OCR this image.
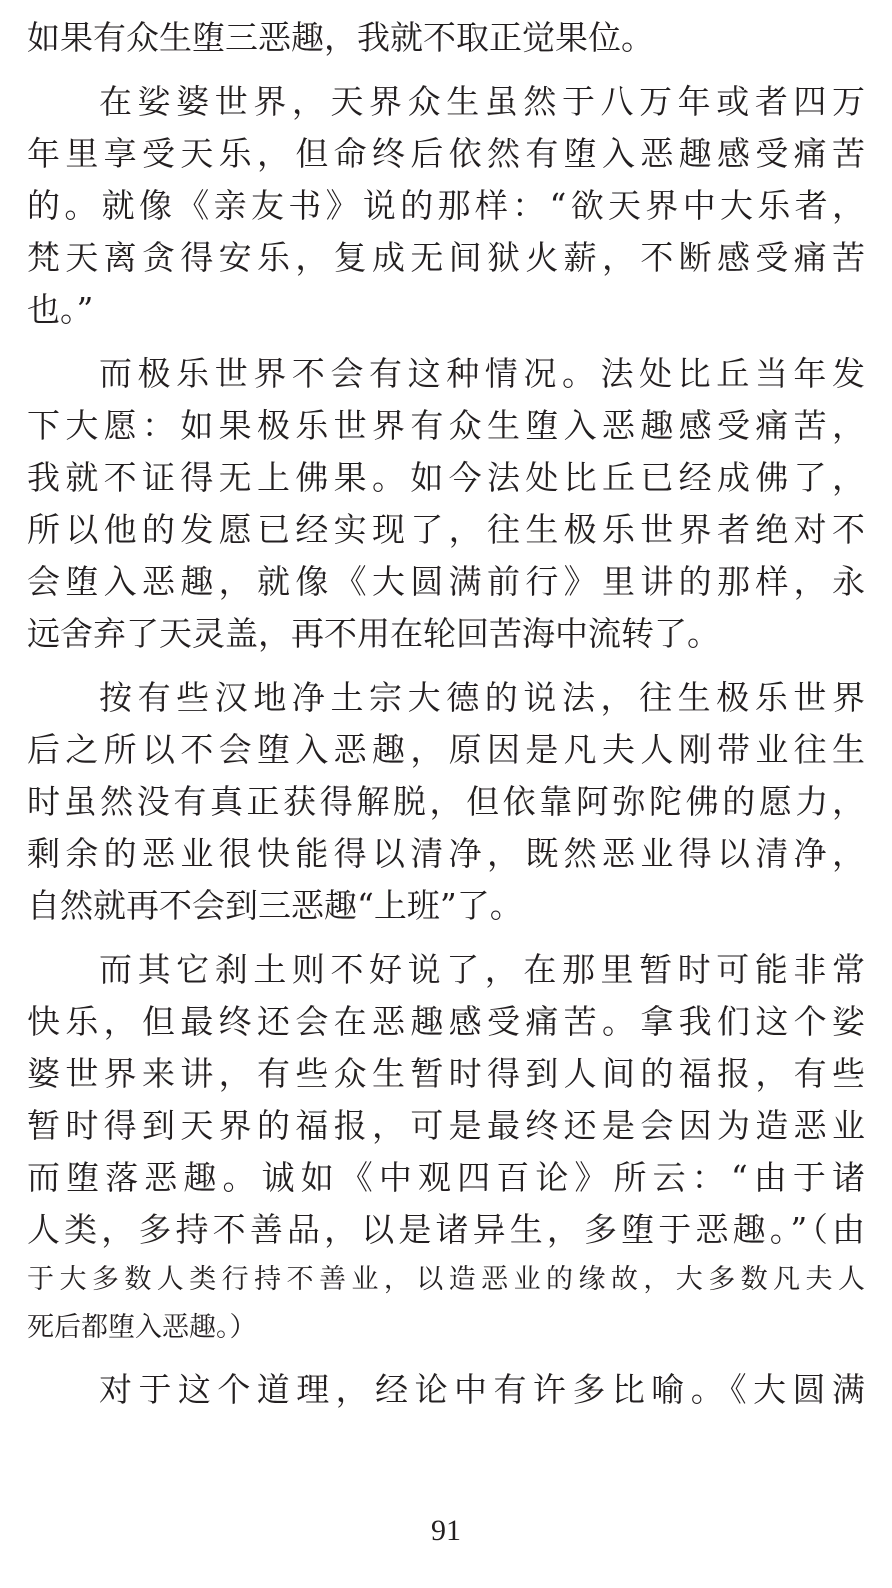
如果有众生堕三恶趣，我就不取正觉果位。
在娑婆世界，天界众生虽然于八万年或者四万
年里享受天乐，但命终后依然有堕入恶趣感受痛苦
的。就像《亲友书》说的那样：“欲天界中大乐者，
梵天离贪得安乐，复成无间狱火薪，不断感受痛苦
也。”
而极乐世界不会有这种情况。法处比丘当年发
下大愿：如果极乐世界有众生堕入恶趣感受痛苦，
我就不证得无上佛果。如今法处比丘已经成佛了，
所以他的发愿已经实现了，往生极乐世界者绝对不
会堕入恶趣，就像《大圆满前行》里讲的那样，永
远舍弃了天灵盖，再不用在轮回苦海中流转了。
按有些汉地净土宗大德的说法，往生极乐世界
后之所以不会堕入恶趣，原因是凡夫人刚带业往生
时虽然没有真正获得解脱，但依靠阿弥陀佛的愿力，
剩余的恶业很快能得以清净，既然恶业得以清净，
自然就再不会到三恶趣“上班”了。
而其它刹土则不好说了，在那里暂时可能非常
快乐，但最终还会在恶趣感受痛苦。拿我们这个娑
婆世界来讲，有些众生暂时得到人间的福报，有些
暂时得到天界的福报，可是最终还是会因为造恶业
而堕落恶趣。诚如《中观四百论》所云：“由于诸
人类，多持不善品，以是诸异生，多堕于恶趣。”（由
于大多数人类行持不善业，以造恶业的缘故，大多数凡夫人
死后都堕入恶趣。）
对于这个道理，经论中有许多比喻。《大圆满
91
